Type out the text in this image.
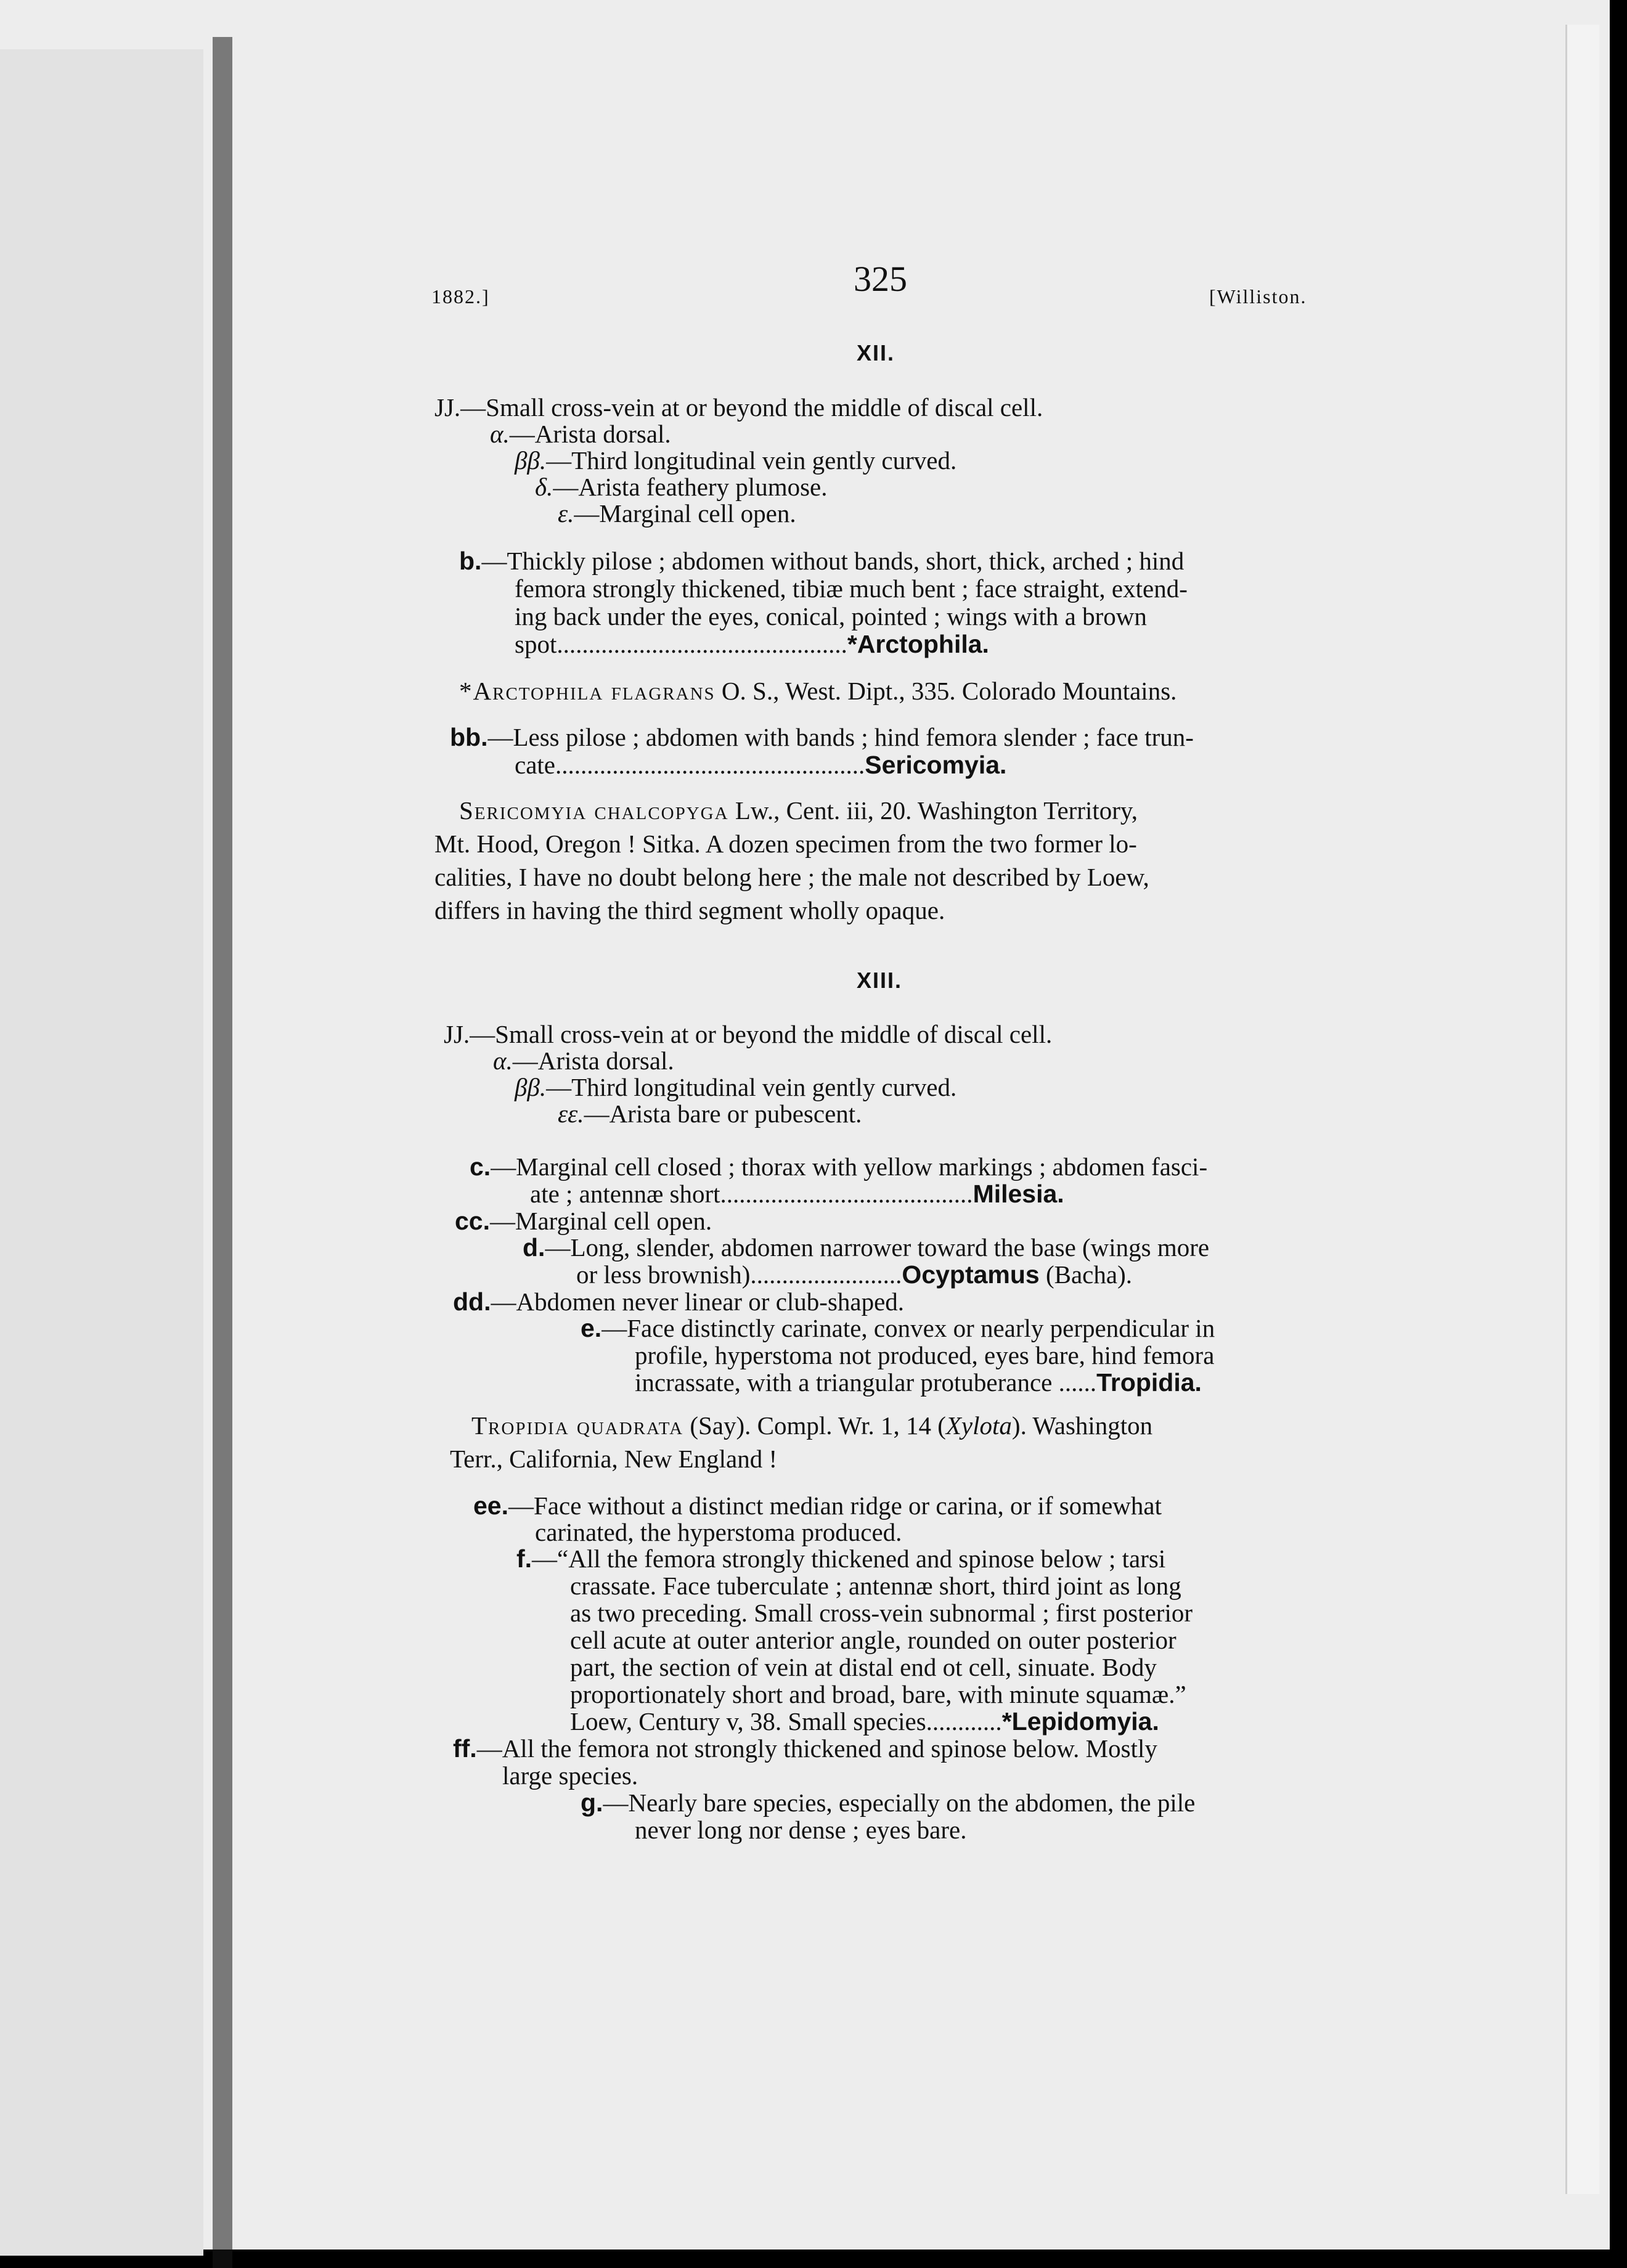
1882.]	325	[Williston.
XII.
JJ.—Small cross-vein at or beyond the middle of discal cell.
α.—Arista dorsal.
ββ.—Third longitudinal vein gently curved.
δ.—Arista feathery plumose.
ε.—Marginal cell open.
b.—Thickly pilose ; abdomen without bands, short, thick, arched ; hind
femora strongly thickened, tibiæ much bent ; face straight, extend-
ing back under the eyes, conical, pointed ; wings with a brown
spot..............................................*Arctophila.
*Arctophila flagrans O. S., West. Dipt., 335. Colorado Mountains.
bb.—Less pilose ; abdomen with bands ; hind femora slender ; face trun-
cate.................................................Sericomyia.
Sericomyia chalcopyga Lw., Cent. iii, 20. Washington Territory,
Mt. Hood, Oregon ! Sitka. A dozen specimen from the two former lo-
calities, I have no doubt belong here ; the male not described by Loew,
differs in having the third segment wholly opaque.
XIII.
JJ.—Small cross-vein at or beyond the middle of discal cell.
α.—Arista dorsal.
ββ.—Third longitudinal vein gently curved.
εε.—Arista bare or pubescent.
c.—Marginal cell closed ; thorax with yellow markings ; abdomen fasci-
ate ; antennæ short........................................Milesia.
cc.—Marginal cell open.
d.—Long, slender, abdomen narrower toward the base (wings more
or less brownish)........................Ocyptamus (Bacha).
dd.—Abdomen never linear or club-shaped.
e.—Face distinctly carinate, convex or nearly perpendicular in
profile, hyperstoma not produced, eyes bare, hind femora
incrassate, with a triangular protuberance ......Tropidia.
Tropidia quadrata (Say). Compl. Wr. 1, 14 (Xylota). Washington
Terr., California, New England !
ee.—Face without a distinct median ridge or carina, or if somewhat
carinated, the hyperstoma produced.
f.—“All the femora strongly thickened and spinose below ; tarsi
crassate. Face tuberculate ; antennæ short, third joint as long
as two preceding. Small cross-vein subnormal ; first posterior
cell acute at outer anterior angle, rounded on outer posterior
part, the section of vein at distal end ot cell, sinuate. Body
proportionately short and broad, bare, with minute squamæ.”
Loew, Century v, 38. Small species............*Lepidomyia.
ff.—All the femora not strongly thickened and spinose below. Mostly
large species.
g.—Nearly bare species, especially on the abdomen, the pile
never long nor dense ; eyes bare.
